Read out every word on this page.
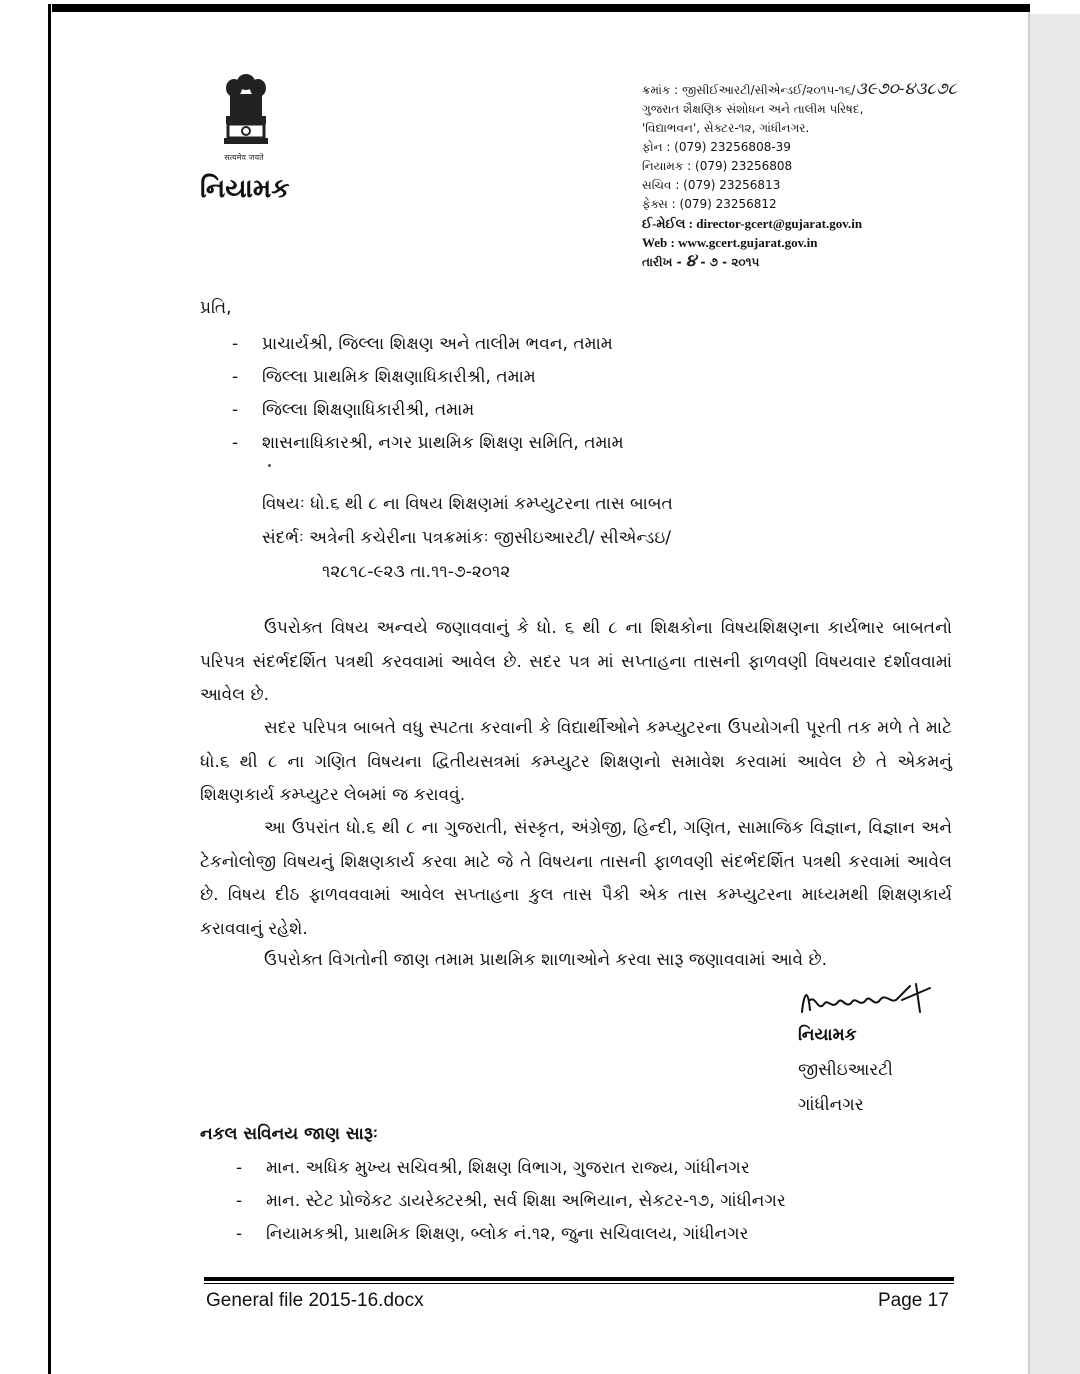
सत्यमेव जयते
નિયામક
ક્રમાંક : જીસીઈઆરટી/સીએન્ડઈ/૨૦૧૫-૧૬/૩૯૭૦-૪૩૮૭૮
ગુજરાત શૈક્ષણિક સંશોધન અને તાલીમ પરિષદ,
'વિદ્યાભવન', સેક્ટર-૧૨, ગાંધીનગર.
ફોન : (079) 23256808-39
નિયામક : (079) 23256808
સચિવ : (079) 23256813
ફેક્સ : (079) 23256812
ઈ-મેઈલ : director-gcert@gujarat.gov.in
Web : www.gcert.gujarat.gov.in
તારીખ - ૪ - ૭ - ૨૦૧૫
પ્રતિ,
- પ્રાચાર્યશ્રી, જિલ્લા શિક્ષણ અને તાલીમ ભવન, તમામ
- જિલ્લા પ્રાથમિક શિક્ષણાધિકારીશ્રી, તમામ
- જિલ્લા શિક્ષણાધિકારીશ્રી, તમામ
- શાસનાધિકારશ્રી, નગર પ્રાથમિક શિક્ષણ સમિતિ, તમામ
વિષયઃ ધો.૬ થી ૮ ના વિષય શિક્ષણમાં કમ્પ્યુટરના તાસ બાબત
સંદર્ભઃ અત્રેની કચેરીના પત્રક્રમાંકઃ જીસીઇઆરટી/ સીએન્ડઇ/
૧૨૮૧૮-૯૨૩ તા.૧૧-૭-૨૦૧૨
ઉપરોક્ત વિષય અન્વયે જણાવવાનું કે ધો. ૬ થી ૮ ના શિક્ષકોના વિષયશિક્ષણના કાર્યભાર બાબતનો પરિપત્ર સંદર્ભદર્શિત પત્રથી કરવવામાં આવેલ છે. સદર પત્ર માં સપ્તાહના તાસની ફાળવણી વિષયવાર દર્શાવવામાં આવેલ છે.
સદર પરિપત્ર બાબતે વધુ સ્પટતા કરવાની કે વિદ્યાર્થીઓને કમ્પ્યુટરના ઉપયોગની પૂરતી તક મળે તે માટે ધો.૬ થી ૮ ના ગણિત વિષયના દ્વિતીયસત્રમાં કમ્પ્યુટર શિક્ષણનો સમાવેશ કરવામાં આવેલ છે તે એકમનું શિક્ષણકાર્ય કમ્પ્યુટર લેબમાં જ કરાવવું.
આ ઉપરાંત ધો.૬ થી ૮ ના ગુજરાતી, સંસ્કૃત, અંગ્રેજી, હિન્દી, ગણિત, સામાજિક વિજ્ઞાન, વિજ્ઞાન અને ટેકનોલોજી વિષયનું શિક્ષણકાર્ય કરવા માટે જે તે વિષયના તાસની ફાળવણી સંદર્ભદર્શિત પત્રથી કરવામાં આવેલ છે. વિષય દીઠ ફાળવવવામાં આવેલ સપ્તાહના કુલ તાસ પૈકી એક તાસ કમ્પ્યુટરના માધ્યમથી શિક્ષણકાર્ય કરાવવાનું રહેશે.
ઉપરોક્ત વિગતોની જાણ તમામ પ્રાથમિક શાળાઓને કરવા સારૂ જણાવવામાં આવે છે.
નિયામક
જીસીઇઆરટી
ગાંધીનગર
નકલ સવિનય જાણ સારૂઃ
- માન. અધિક મુખ્ય સચિવશ્રી, શિક્ષણ વિભાગ, ગુજરાત રાજ્ય, ગાંધીનગર
- માન. સ્ટેટ પ્રોજેકટ ડાયરેક્ટરશ્રી, સર્વ શિક્ષા અભિયાન, સેકટર-૧૭, ગાંધીનગર
- નિયામકશ્રી, પ્રાથમિક શિક્ષણ, બ્લોક નં.૧૨, જુના સચિવાલય, ગાંધીનગર
General file 2015-16.docx	Page 17
